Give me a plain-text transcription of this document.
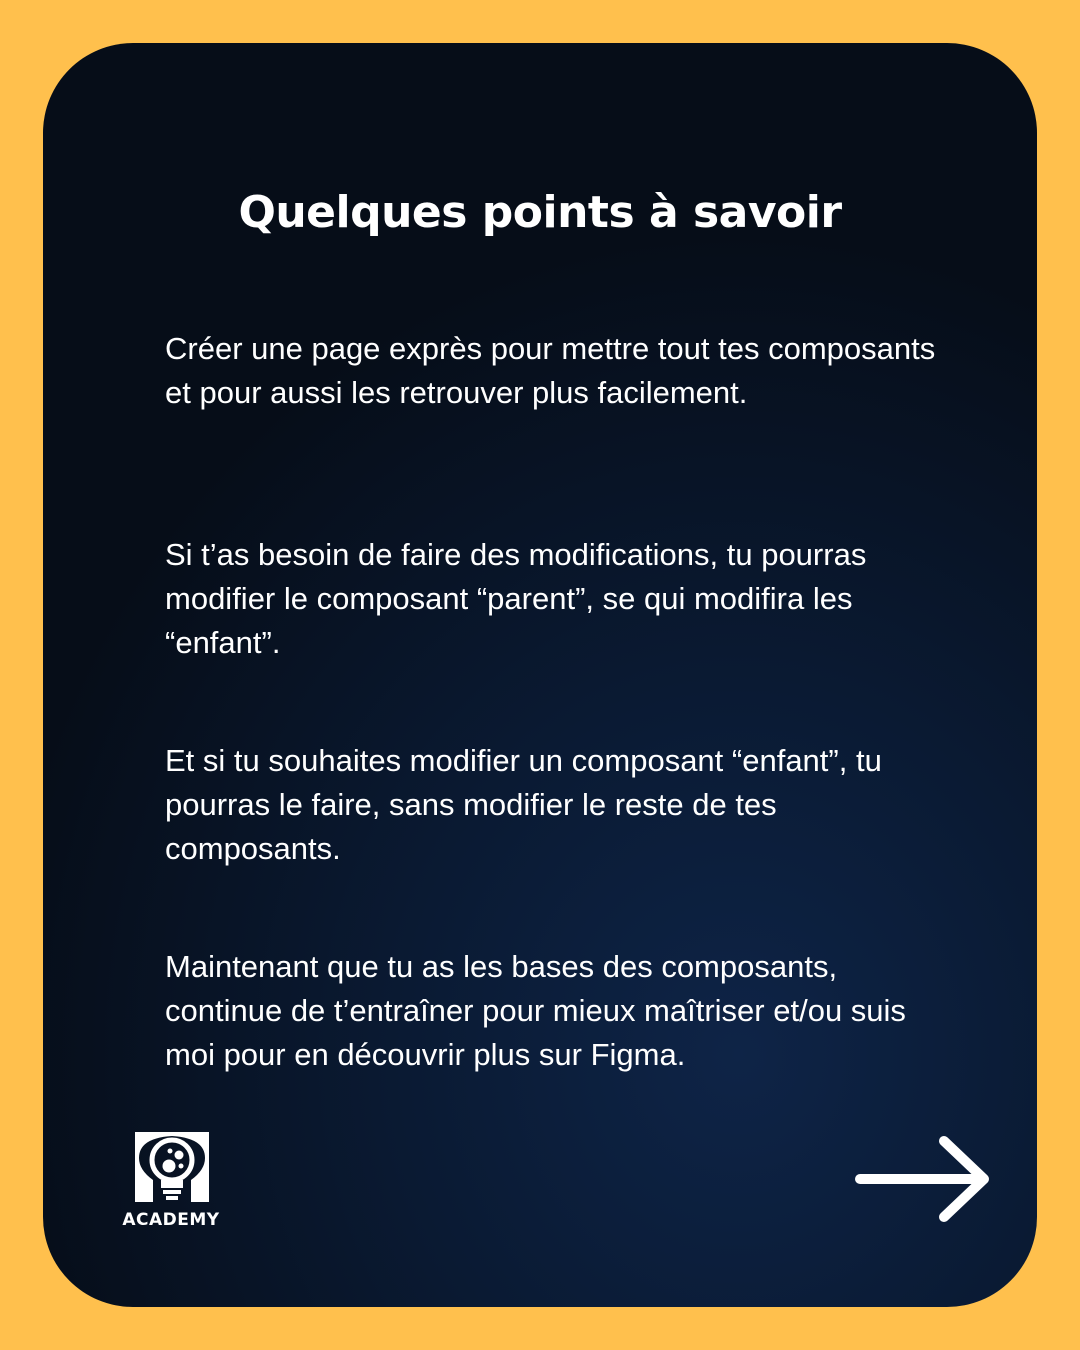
Quelques points à savoir

Créer une page exprès pour mettre tout tes composants et pour aussi les retrouver plus facilement.

Si t’as besoin de faire des modifications, tu pourras modifier le composant “parent”, se qui modifira les “enfant”.

Et si tu souhaites modifier un composant “enfant”, tu pourras le faire, sans modifier le reste de tes composants.

Maintenant que tu as les bases des composants, continue de t’entraîner pour mieux maîtriser et/ou suis moi pour en découvrir plus sur Figma.

ACADEMY
